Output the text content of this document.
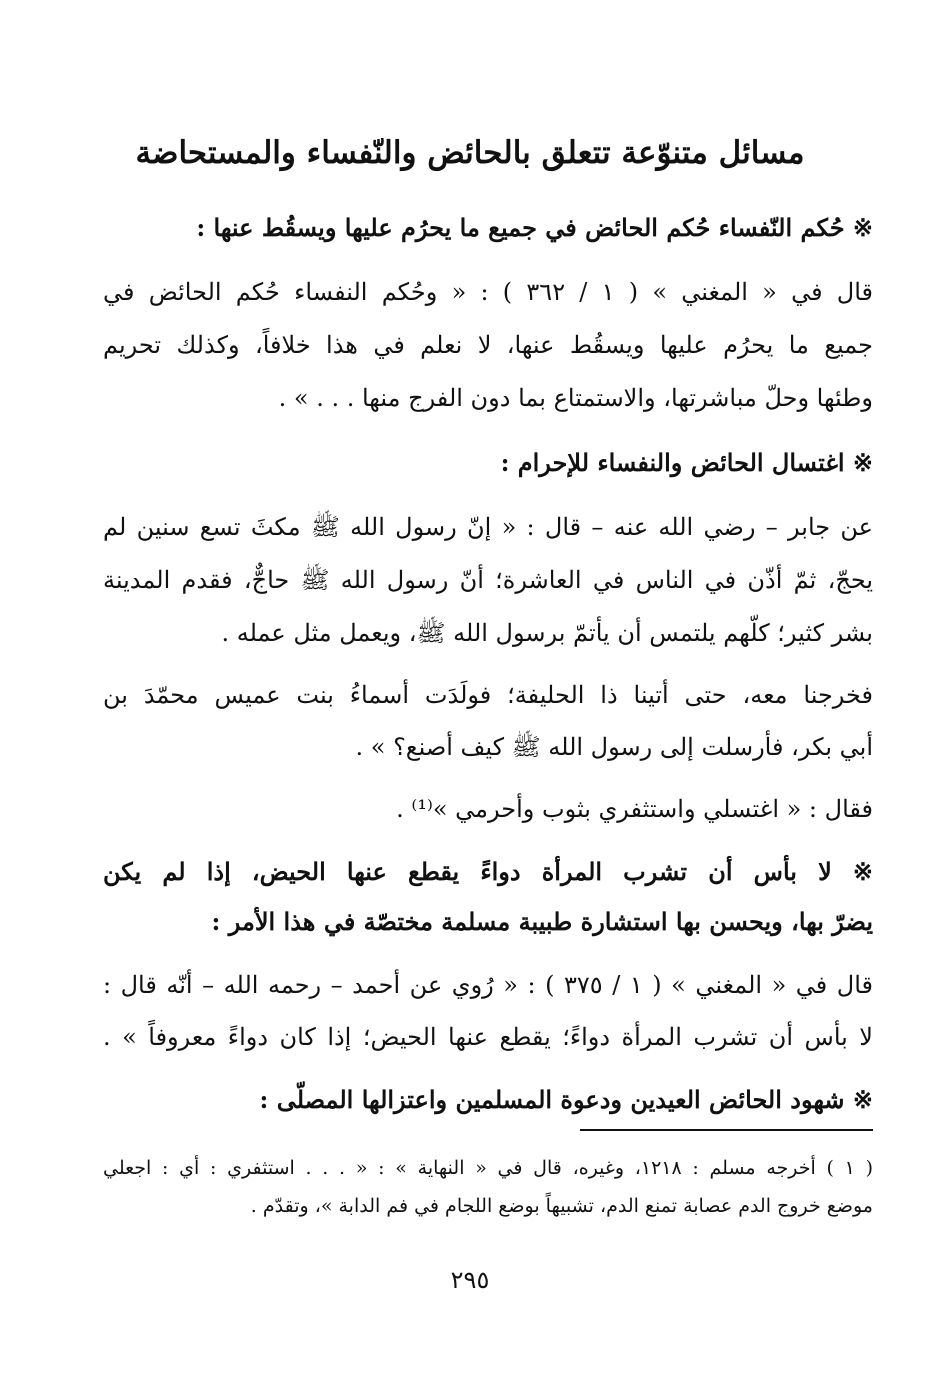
مسائل متنوّعة تتعلق بالحائض والنّفساء والمستحاضة
※ حُكم النّفساء حُكم الحائض في جميع ما يحرُم عليها ويسقُط عنها :
قال في « المغني » ( ١ / ٣٦٢ ) : « وحُكم النفساء حُكم الحائض في
جميع ما يحرُم عليها ويسقُط عنها، لا نعلم في هذا خلافاً، وكذلك تحريم
وطئها وحلّ مباشرتها، والاستمتاع بما دون الفرج منها . . . » .
※ اغتسال الحائض والنفساء للإحرام :
عن جابر – رضي الله عنه – قال : « إنّ رسول الله ﷺ مكثَ تسع سنين لم
يحجّ، ثمّ أذّن في الناس في العاشرة؛ أنّ رسول الله ﷺ حاجٌّ، فقدم المدينة
بشر كثير؛ كلّهم يلتمس أن يأتمّ برسول الله ﷺ، ويعمل مثل عمله .
فخرجنا معه، حتى أتينا ذا الحليفة؛ فولَدَت أسماءُ بنت عميس محمّدَ بن
أبي بكر، فأرسلت إلى رسول الله ﷺ كيف أصنع؟ » .
فقال : « اغتسلي واستثفري بثوب وأحرمي »⁽¹⁾ .
※ لا بأس أن تشرب المرأة دواءً يقطع عنها الحيض، إذا لم يكن
يضرّ بها، ويحسن بها استشارة طبيبة مسلمة مختصّة في هذا الأمر :
قال في « المغني » ( ١ / ٣٧٥ ) : « رُوي عن أحمد – رحمه الله – أنّه قال :
لا بأس أن تشرب المرأة دواءً؛ يقطع عنها الحيض؛ إذا كان دواءً معروفاً » .
※ شهود الحائض العيدين ودعوة المسلمين واعتزالها المصلّى :
( ١ ) أخرجه مسلم : ١٢١٨، وغيره، قال في « النهاية » : « . . . استثفري : أي : اجعلي
موضع خروج الدم عصابة تمنع الدم، تشبيهاً بوضع اللجام في فم الدابة »، وتقدّم .
٢٩٥
